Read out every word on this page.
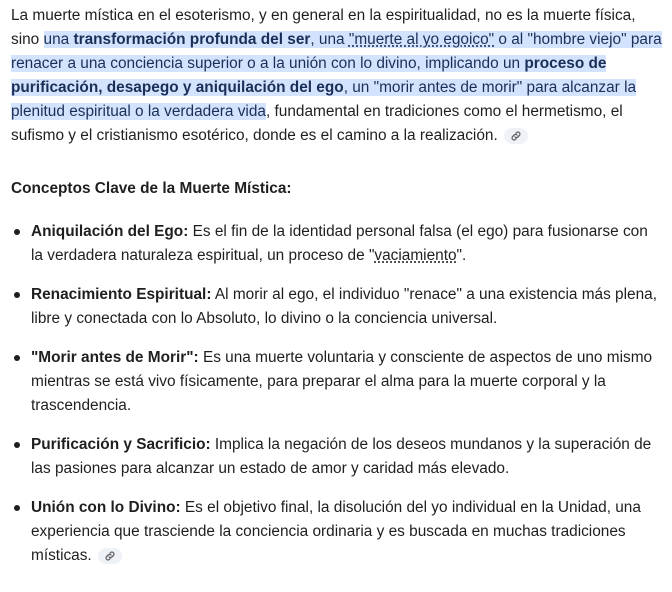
La muerte mística en el esoterismo, y en general en la espiritualidad, no es la muerte física, sino una transformación profunda del ser, una "muerte al yo egoico" o al "hombre viejo" para renacer a una conciencia superior o a la unión con lo divino, implicando un proceso de purificación, desapego y aniquilación del ego, un "morir antes de morir" para alcanzar la plenitud espiritual o la verdadera vida, fundamental en tradiciones como el hermetismo, el sufismo y el cristianismo esotérico, donde es el camino a la realización.

Conceptos Clave de la Muerte Mística:
Aniquilación del Ego: Es el fin de la identidad personal falsa (el ego) para fusionarse con la verdadera naturaleza espiritual, un proceso de "vaciamiento".
Renacimiento Espiritual: Al morir al ego, el individuo "renace" a una existencia más plena, libre y conectada con lo Absoluto, lo divino o la conciencia universal.
"Morir antes de Morir": Es una muerte voluntaria y consciente de aspectos de uno mismo mientras se está vivo físicamente, para preparar el alma para la muerte corporal y la trascendencia.
Purificación y Sacrificio: Implica la negación de los deseos mundanos y la superación de las pasiones para alcanzar un estado de amor y caridad más elevado.
Unión con lo Divino: Es el objetivo final, la disolución del yo individual en la Unidad, una experiencia que trasciende la conciencia ordinaria y es buscada en muchas tradiciones místicas.
